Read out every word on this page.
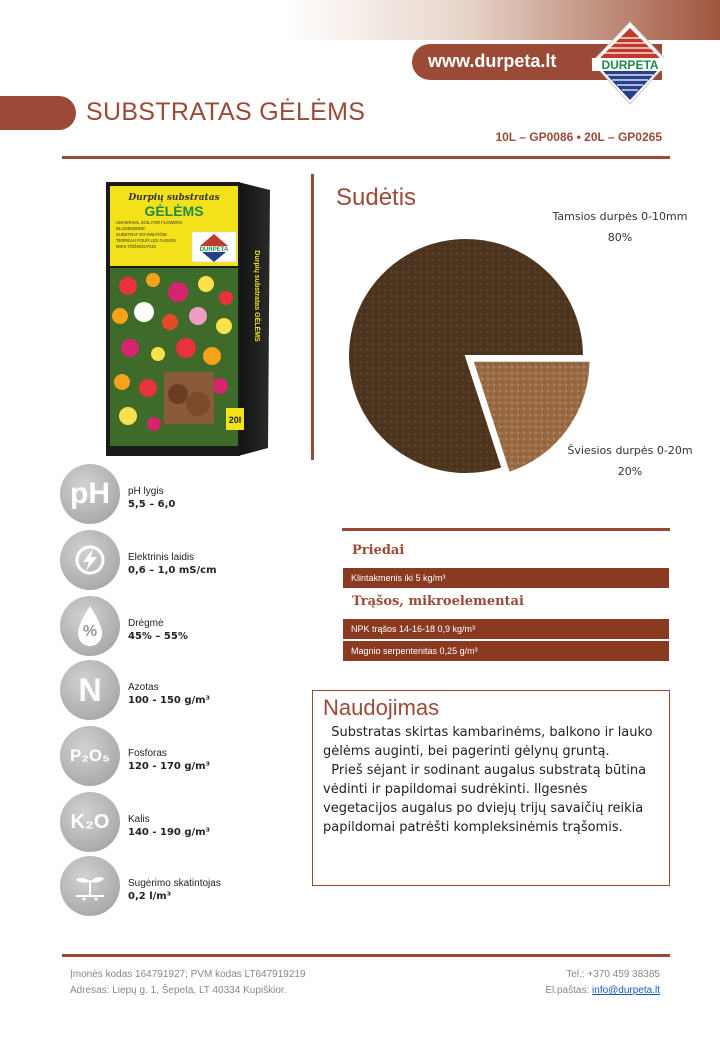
www.durpeta.lt	DURPETA
SUBSTRATAS GĖLĖMS
10L – GP0086 • 20L – GP0265
Durpių substratas
GĖLĖMS
UNIVERSAL SOIL FOR FLOWERS
BLUMENERDE
SUBSTRAT DO KWIATÓW
TERREAU POUR LES FLEURS
MIKS TÖÖSEGATUD
DURPETA
Durpių substratas GĖLĖMS
20l
pH	pH lygis
5,5 – 6,0
Elektrinis laidis
0,6 – 1,0 mS/cm
%	Drėgmė
45% – 55%
N	Azotas
100 - 150 g/m³
P₂O₅	Fosforas
120 - 170 g/m³
K₂O	Kalis
140 - 190 g/m³
Sugėrimo skatintojas
0,2 l/m³
Sudėtis
Tamsios durpės 0-10mm
80%
Šviesios durpės 0-20m
20%
Priedai
Klintakmenis iki 5 kg/m³
Trąšos, mikroelementai
NPK trąšos 14-16-18 0,9 kg/m³
Magnio serpentenitas 0,25 g/m³
Naudojimas

Substratas skirtas kambarinėms, balkono ir lauko gėlėms auginti, bei pagerinti gėlynų gruntą.
Prieš sėjant ir sodinant augalus substratą būtina vėdinti ir papildomai sudrėkinti. Ilgesnės vegetacijos augalus po dviejų trijų savaičių reikia papildomai patrėšti kompleksinėmis trąšomis.

Įmonės kodas 164791927; PVM kodas LT647919219
Adresas: Liepų g. 1, Šepeta, LT 40334 Kupiškior.
Tel.: +370 459 38385
El.paštas: info@durpeta.lt
